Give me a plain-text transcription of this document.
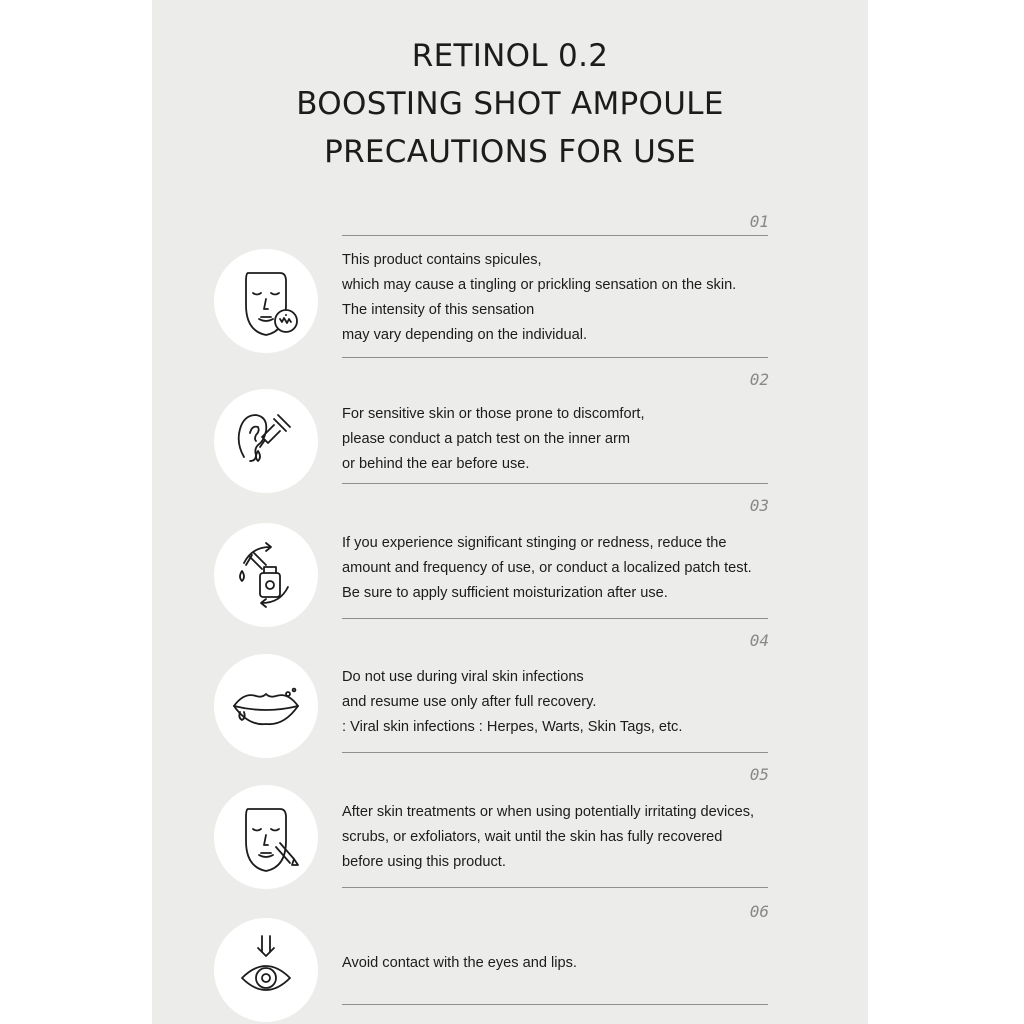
RETINOL 0.2
BOOSTING SHOT AMPOULE
PRECAUTIONS FOR USE
01
This product contains spicules,
which may cause a tingling or prickling sensation on the skin.
The intensity of this sensation
may vary depending on the individual.
02
For sensitive skin or those prone to discomfort,
please conduct a patch test on the inner arm
or behind the ear before use.
03
If you experience significant stinging or redness, reduce the
amount and frequency of use, or conduct a localized patch test.
Be sure to apply sufficient moisturization after use.
04
Do not use during viral skin infections
and resume use only after full recovery.
: Viral skin infections : Herpes, Warts, Skin Tags, etc.
05
After skin treatments or when using potentially irritating devices,
scrubs, or exfoliators, wait until the skin has fully recovered
before using this product.
06
Avoid contact with the eyes and lips.
